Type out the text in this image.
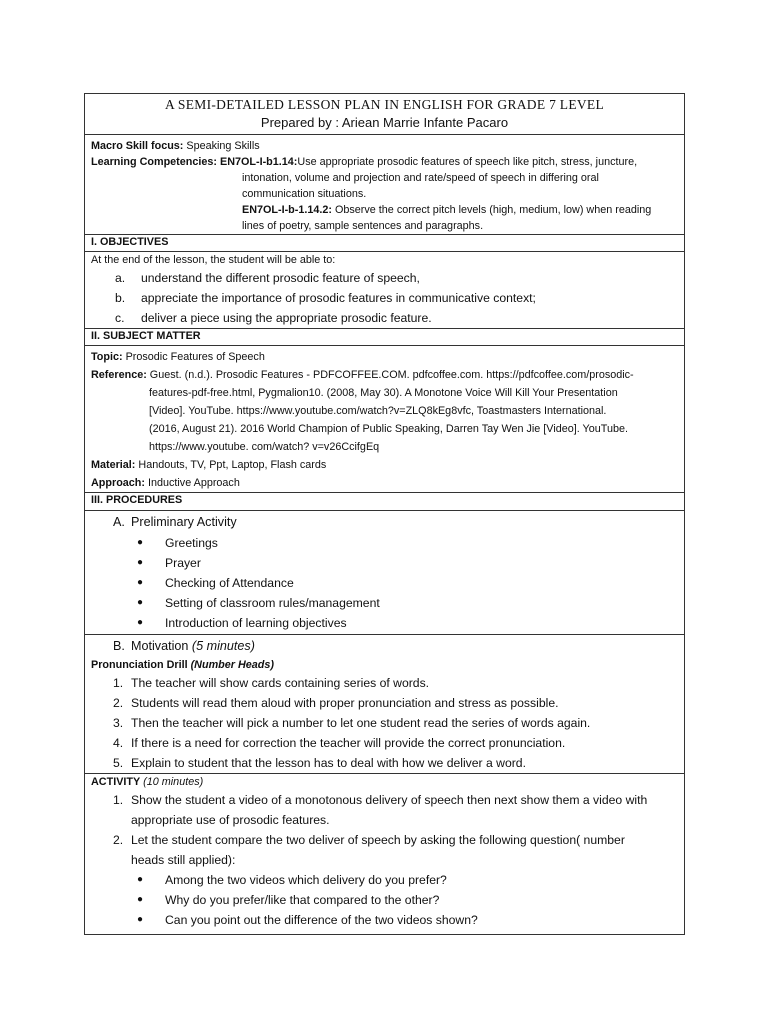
A SEMI-DETAILED LESSON PLAN IN ENGLISH FOR GRADE 7 LEVEL
Prepared by : Ariean Marrie Infante Pacaro

Macro Skill focus: Speaking Skills
Learning Competencies: EN7OL-I-b1.14:Use appropriate prosodic features of speech like pitch, stress, juncture,
intonation, volume and projection and rate/speed of speech in differing oral
communication situations.
EN7OL-I-b-1.14.2: Observe the correct pitch levels (high, medium, low) when reading
lines of poetry, sample sentences and paragraphs.

I. OBJECTIVES

At the end of the lesson, the student will be able to:
a.	understand the different prosodic feature of speech,
b.	appreciate the importance of prosodic features in communicative context;
c.	deliver a piece using the appropriate prosodic feature.

II. SUBJECT MATTER

Topic: Prosodic Features of Speech
Reference: Guest. (n.d.). Prosodic Features - PDFCOFFEE.COM. pdfcoffee.com. https://pdfcoffee.com/prosodic-
features-pdf-free.html, Pygmalion10. (2008, May 30). A Monotone Voice Will Kill Your Presentation
[Video]. YouTube. https://www.youtube.com/watch?v=ZLQ8kEg8vfc, Toastmasters International.
(2016, August 21). 2016 World Champion of Public Speaking, Darren Tay Wen Jie [Video]. YouTube.
https://www.youtube. com/watch? v=v26CcifgEq
Material: Handouts, TV, Ppt, Laptop, Flash cards
Approach: Inductive Approach

III. PROCEDURES

A. Preliminary Activity
●	Greetings
●	Prayer
●	Checking of Attendance
●	Setting of classroom rules/management
●	Introduction of learning objectives

B. Motivation (5 minutes)
Pronunciation Drill (Number Heads)
1. The teacher will show cards containing series of words.
2. Students will read them aloud with proper pronunciation and stress as possible.
3. Then the teacher will pick a number to let one student read the series of words again.
4. If there is a need for correction the teacher will provide the correct pronunciation.
5. Explain to student that the lesson has to deal with how we deliver a word.

ACTIVITY (10 minutes)
1. Show the student a video of a monotonous delivery of speech then next show them a video with
appropriate use of prosodic features.
2. Let the student compare the two deliver of speech by asking the following question( number
heads still applied):
●	Among the two videos which delivery do you prefer?
●	Why do you prefer/like that compared to the other?
●	Can you point out the difference of the two videos shown?
